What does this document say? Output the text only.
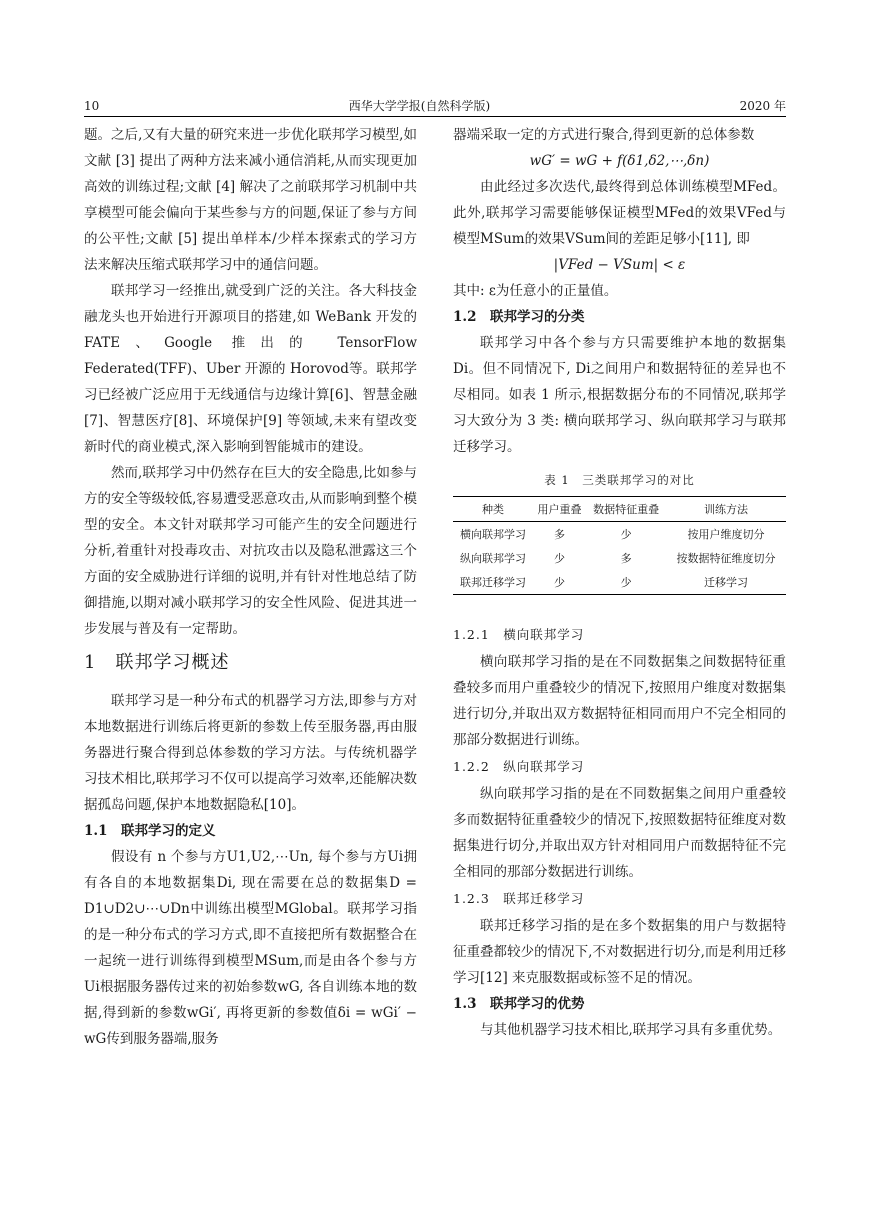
10	西华大学学报(自然科学版)	2020 年

题。之后,又有大量的研究来进一步优化联邦学习模型,如文献 [3] 提出了两种方法来减小通信消耗,从而实现更加高效的训练过程;文献 [4] 解决了之前联邦学习机制中共享模型可能会偏向于某些参与方的问题,保证了参与方间的公平性;文献 [5] 提出单样本/少样本探索式的学习方法来解决压缩式联邦学习中的通信问题。

联邦学习一经推出,就受到广泛的关注。各大科技金融龙头也开始进行开源项目的搭建,如 WeBank 开发的 FATE、Google 推出的 TensorFlow Federated(TFF)、Uber 开源的 Horovod等。联邦学习已经被广泛应用于无线通信与边缘计算[6]、智慧金融[7]、智慧医疗[8]、环境保护[9] 等领域,未来有望改变新时代的商业模式,深入影响到智能城市的建设。

然而,联邦学习中仍然存在巨大的安全隐患,比如参与方的安全等级较低,容易遭受恶意攻击,从而影响到整个模型的安全。本文针对联邦学习可能产生的安全问题进行分析,着重针对投毒攻击、对抗攻击以及隐私泄露这三个方面的安全威胁进行详细的说明,并有针对性地总结了防御措施,以期对减小联邦学习的安全性风险、促进其进一步发展与普及有一定帮助。

1　联邦学习概述

联邦学习是一种分布式的机器学习方法,即参与方对本地数据进行训练后将更新的参数上传至服务器,再由服务器进行聚合得到总体参数的学习方法。与传统机器学习技术相比,联邦学习不仅可以提高学习效率,还能解决数据孤岛问题,保护本地数据隐私[10]。

1.1　联邦学习的定义

假设有 n 个参与方U1,U2,⋯Un, 每个参与方Ui拥有各自的本地数据集Di, 现在需要在总的数据集D = D1∪D2∪⋯∪Dn中训练出模型MGlobal。联邦学习指的是一种分布式的学习方式,即不直接把所有数据整合在一起统一进行训练得到模型MSum,而是由各个参与方Ui根据服务器传过来的初始参数wG, 各自训练本地的数据,得到新的参数wGi′, 再将更新的参数值δi = wGi′ − wG传到服务器端,服务

器端采取一定的方式进行聚合,得到更新的总体参数

wG′ = wG + f(δ1,δ2,⋯,δn)

由此经过多次迭代,最终得到总体训练模型MFed。此外,联邦学习需要能够保证模型MFed的效果VFed与模型MSum的效果VSum间的差距足够小[11], 即

|VFed − VSum| < ε

其中: ε为任意小的正量值。

1.2　联邦学习的分类

联邦学习中各个参与方只需要维护本地的数据集Di。但不同情况下, Di之间用户和数据特征的差异也不尽相同。如表 1 所示,根据数据分布的不同情况,联邦学习大致分为 3 类: 横向联邦学习、纵向联邦学习与联邦迁移学习。

表 1　三类联邦学习的对比
种类	用户重叠	数据特征重叠	训练方法
横向联邦学习	多	少	按用户维度切分
纵向联邦学习	少	多	按数据特征维度切分
联邦迁移学习	少	少	迁移学习
1.2.1　横向联邦学习

横向联邦学习指的是在不同数据集之间数据特征重叠较多而用户重叠较少的情况下,按照用户维度对数据集进行切分,并取出双方数据特征相同而用户不完全相同的那部分数据进行训练。

1.2.2　纵向联邦学习

纵向联邦学习指的是在不同数据集之间用户重叠较多而数据特征重叠较少的情况下,按照数据特征维度对数据集进行切分,并取出双方针对相同用户而数据特征不完全相同的那部分数据进行训练。

1.2.3　联邦迁移学习

联邦迁移学习指的是在多个数据集的用户与数据特征重叠都较少的情况下,不对数据进行切分,而是利用迁移学习[12] 来克服数据或标签不足的情况。

1.3　联邦学习的优势

与其他机器学习技术相比,联邦学习具有多重优势。
